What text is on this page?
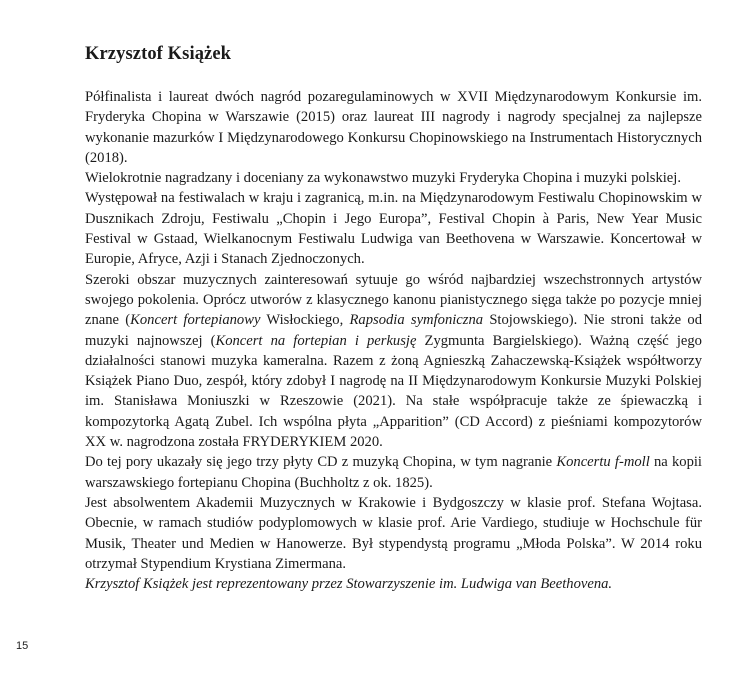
Krzysztof Książek

Półfinalista i laureat dwóch nagród pozaregulaminowych w XVII Międzynarodowym Konkursie im. Fryderyka Chopina w Warszawie (2015) oraz laureat III nagrody i nagrody specjalnej za najlepsze wykonanie mazurków I Międzynarodowego Konkursu Chopinowskiego na Instrumentach Historycznych (2018).

Wielokrotnie nagradzany i doceniany za wykonawstwo muzyki Fryderyka Chopina i muzyki polskiej.

Występował na festiwalach w kraju i zagranicą, m.in. na Międzynarodowym Festiwalu Chopinowskim w Dusznikach Zdroju, Festiwalu „Chopin i Jego Europa”, Festival Chopin à Paris, New Year Music Festival w Gstaad, Wielkanocnym Festiwalu Ludwiga van Beethovena w Warszawie. Koncertował w Europie, Afryce, Azji i Stanach Zjednoczonych.

Szeroki obszar muzycznych zainteresowań sytuuje go wśród najbardziej wszechstronnych artystów swojego pokolenia. Oprócz utworów z klasycznego kanonu pianistycznego sięga także po pozycje mniej znane (Koncert fortepianowy Wisłockiego, Rapsodia symfoniczna Stojowskiego). Nie stroni także od muzyki najnowszej (Koncert na fortepian i perkusję Zygmunta Bargielskiego). Ważną część jego działalności stanowi muzyka kameralna. Razem z żoną Agnieszką Zahaczewską-Książek współtworzy Książek Piano Duo, zespół, który zdobył I nagrodę na II Międzynarodowym Konkursie Muzyki Polskiej im. Stanisława Moniuszki w Rzeszowie (2021). Na stałe współpracuje także ze śpiewaczką i kompozytorką Agatą Zubel. Ich wspólna płyta „Apparition” (CD Accord) z pieśniami kompozytorów XX w. nagrodzona została FRYDERYKIEM 2020.

Do tej pory ukazały się jego trzy płyty CD z muzyką Chopina, w tym nagranie Koncertu f-moll na kopii warszawskiego fortepianu Chopina (Buchholtz z ok. 1825).

Jest absolwentem Akademii Muzycznych w Krakowie i Bydgoszczy w klasie prof. Stefana Wojtasa. Obecnie, w ramach studiów podyplomowych w klasie prof. Arie Vardiego, studiuje w Hochschule für Musik, Theater und Medien w Hanowerze. Był stypendystą programu „Młoda Polska”. W 2014 roku otrzymał Stypendium Krystiana Zimermana.

Krzysztof Książek jest reprezentowany przez Stowarzyszenie im. Ludwiga van Beethovena.

15
